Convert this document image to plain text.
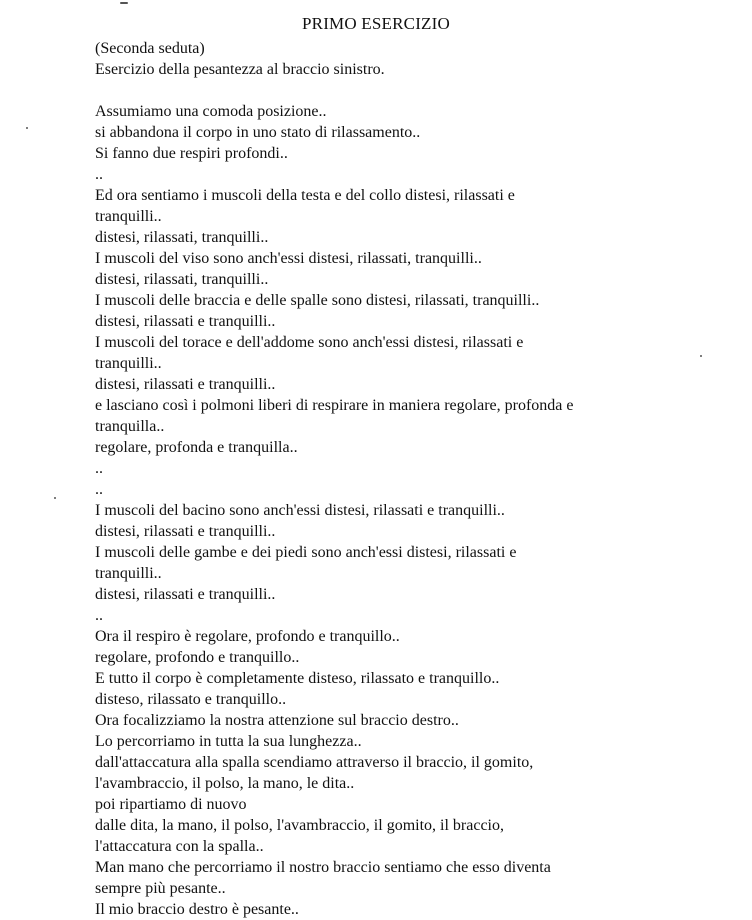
PRIMO ESERCIZIO
(Seconda seduta)
Esercizio della pesantezza al braccio sinistro.
Assumiamo una comoda posizione..
si abbandona il corpo in uno stato di rilassamento..
Si fanno due respiri profondi..
..
Ed ora sentiamo i muscoli della testa e del collo distesi, rilassati e
tranquilli..
distesi, rilassati, tranquilli..
I muscoli del viso sono anch'essi distesi, rilassati, tranquilli..
distesi, rilassati, tranquilli..
I muscoli delle braccia e delle spalle sono distesi, rilassati, tranquilli..
distesi, rilassati e tranquilli..
I muscoli del torace e dell'addome sono anch'essi distesi, rilassati e
tranquilli..
distesi, rilassati e tranquilli..
e lasciano così i polmoni liberi di respirare in maniera regolare, profonda e
tranquilla..
regolare, profonda e tranquilla..
..
..
I muscoli del bacino sono anch'essi distesi, rilassati e tranquilli..
distesi, rilassati e tranquilli..
I muscoli delle gambe e dei piedi sono anch'essi distesi, rilassati e
tranquilli..
distesi, rilassati e tranquilli..
..
Ora il respiro è regolare, profondo e tranquillo..
regolare, profondo e tranquillo..
E tutto il corpo è completamente disteso, rilassato e tranquillo..
disteso, rilassato e tranquillo..
Ora focalizziamo la nostra attenzione sul braccio destro..
Lo percorriamo in tutta la sua lunghezza..
dall'attaccatura alla spalla scendiamo attraverso il braccio, il gomito,
l'avambraccio, il polso, la mano, le dita..
poi ripartiamo di nuovo
dalle dita, la mano, il polso, l'avambraccio, il gomito, il braccio,
l'attaccatura con la spalla..
Man mano che percorriamo il nostro braccio sentiamo che esso diventa
sempre più pesante..
Il mio braccio destro è pesante..
